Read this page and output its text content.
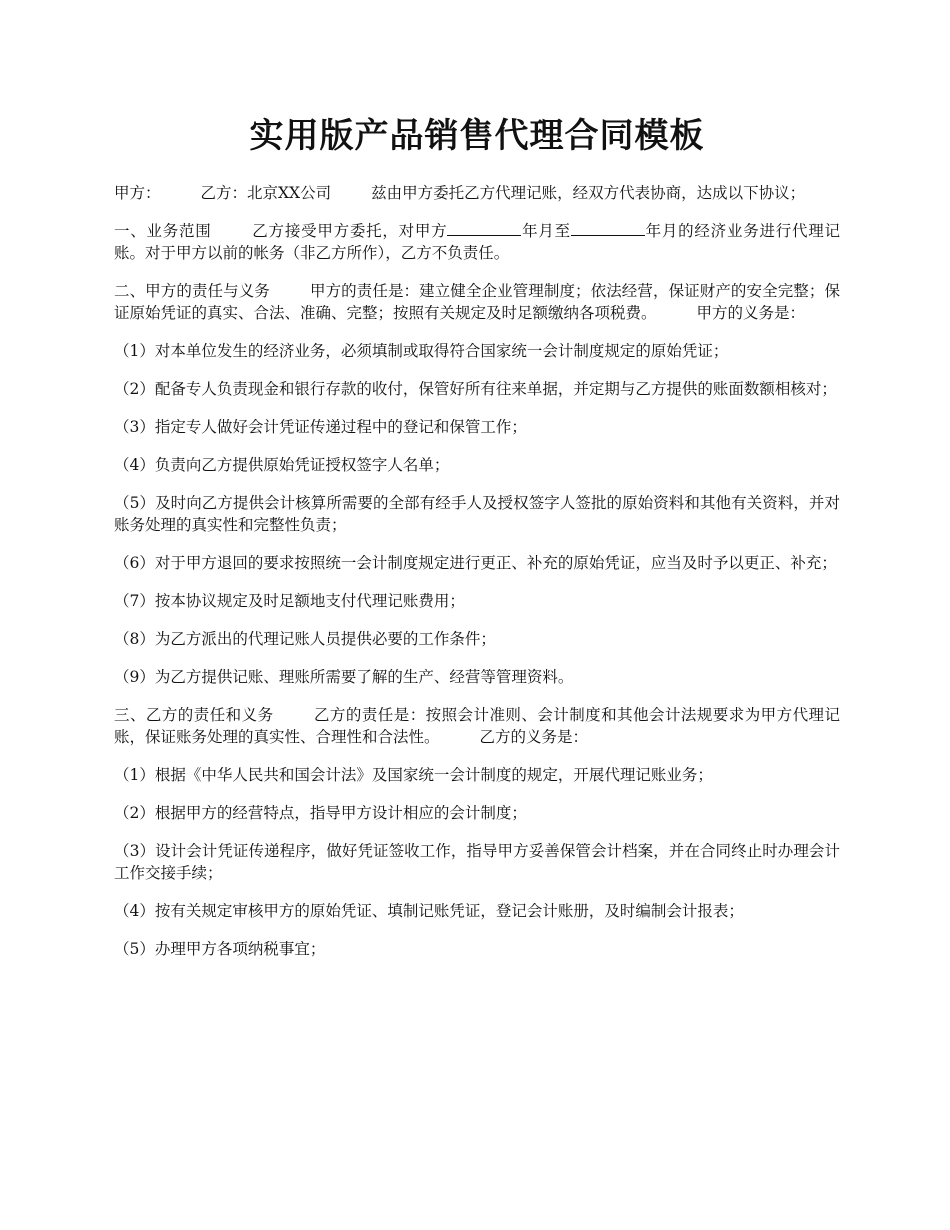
实用版产品销售代理合同模板

甲方：	乙方：北京XX公司	兹由甲方委托乙方代理记账，经双方代表协商，达成以下协议；

一、业务范围	乙方接受甲方委托，对甲方	年月至	年月的经济业务进行代理记账。对于甲方以前的帐务（非乙方所作），乙方不负责任。

二、甲方的责任与义务	甲方的责任是：建立健全企业管理制度；依法经营，保证财产的安全完整；保证原始凭证的真实、合法、准确、完整；按照有关规定及时足额缴纳各项税费。	甲方的义务是：

（1）对本单位发生的经济业务，必须填制或取得符合国家统一会计制度规定的原始凭证；

（2）配备专人负责现金和银行存款的收付，保管好所有往来单据，并定期与乙方提供的账面数额相核对；

（3）指定专人做好会计凭证传递过程中的登记和保管工作；

（4）负责向乙方提供原始凭证授权签字人名单；

（5）及时向乙方提供会计核算所需要的全部有经手人及授权签字人签批的原始资料和其他有关资料，并对账务处理的真实性和完整性负责；

（6）对于甲方退回的要求按照统一会计制度规定进行更正、补充的原始凭证，应当及时予以更正、补充；

（7）按本协议规定及时足额地支付代理记账费用；

（8）为乙方派出的代理记账人员提供必要的工作条件；

（9）为乙方提供记账、理账所需要了解的生产、经营等管理资料。

三、乙方的责任和义务	乙方的责任是：按照会计准则、会计制度和其他会计法规要求为甲方代理记账，保证账务处理的真实性、合理性和合法性。	乙方的义务是：

（1）根据《中华人民共和国会计法》及国家统一会计制度的规定，开展代理记账业务；

（2）根据甲方的经营特点，指导甲方设计相应的会计制度；

（3）设计会计凭证传递程序，做好凭证签收工作，指导甲方妥善保管会计档案，并在合同终止时办理会计工作交接手续；

（4）按有关规定审核甲方的原始凭证、填制记账凭证，登记会计账册，及时编制会计报表；

（5）办理甲方各项纳税事宜；
